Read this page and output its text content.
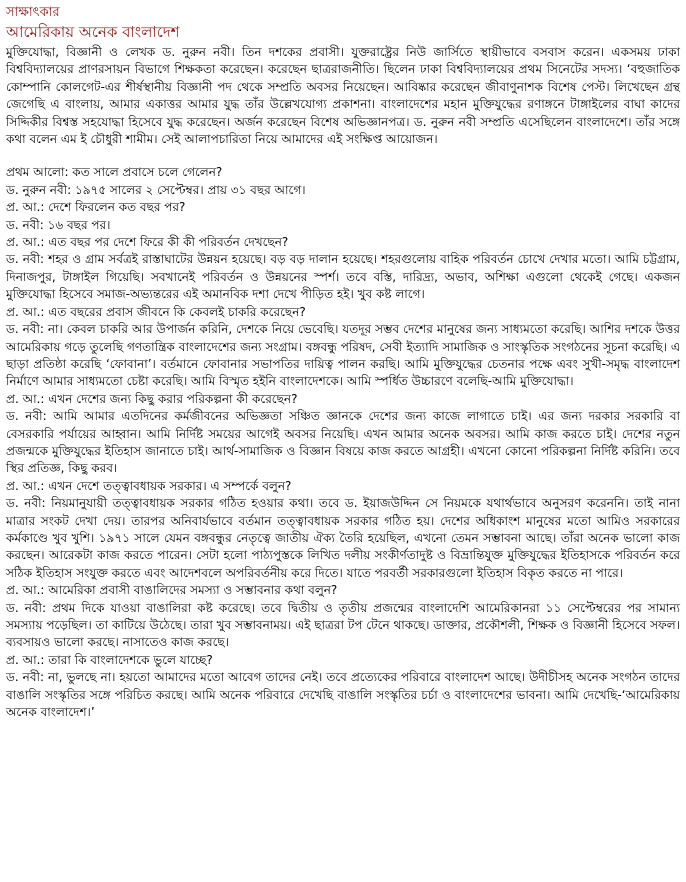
সাক্ষাৎকার

আমেরিকায় অনেক বাংলাদেশ

মুক্তিযোদ্ধা, বিজ্ঞানী ও লেখক ড. নুরুন নবী। তিন দশকের প্রবাসী। যুক্তরাষ্ট্রের নিউ জার্সিতে স্থায়ীভাবে বসবাস করেন। একসময় ঢাকা বিশ্ববিদ্যালয়ের প্রাণরসায়ন বিভাগে শিক্ষকতা করেছেন। করেছেন ছাত্ররাজনীতি। ছিলেন ঢাকা বিশ্ববিদ্যালয়ের প্রথম সিনেটের সদস্য। ‘বহুজাতিক কোম্পানি কোলগেট-এর শীর্ষস্থানীয় বিজ্ঞানী পদ থেকে সম্প্রতি অবসর নিয়েছেন। আবিষ্কার করেছেন জীবাণুনাশক বিশেষ পেস্ট। লিখেছেন গ্রন্থ জেগেছি এ বাংলায়, আমার একাত্তর আমার যুদ্ধ তাঁর উল্লেখযোগ্য প্রকাশনা। বাংলাদেশের মহান মুক্তিযুদ্ধের রণাঙ্গনে টাঙ্গাইলের বাঘা কাদের সিদ্দিকীর বিশ্বস্ত সহযোদ্ধা হিসেবে যুদ্ধ করেছেন। অর্জন করেছেন বিশেষ অভিজ্ঞানপত্র। ড. নুরুন নবী সম্প্রতি এসেছিলেন বাংলাদেশে। তাঁর সঙ্গে কথা বলেন এম ই চৌধুরী শামীম। সেই আলাপচারিতা নিয়ে আমাদের এই সংক্ষিপ্ত আয়োজন।

প্রথম আলো: কত সালে প্রবাসে চলে গেলেন?

ড. নুরুন নবী: ১৯৭৫ সালের ২ সেপ্টেম্বর। প্রায় ৩১ বছর আগে।

প্র. আ.: দেশে ফিরলেন কত বছর পর?

ড. নবী: ১৬ বছর পর।

প্র. আ.: এত বছর পর দেশে ফিরে কী কী পরিবর্তন দেখছেন?

ড. নবী: শহর ও গ্রাম সর্বত্রই রাস্তাঘাটের উন্নয়ন হয়েছে। বড় বড় দালান হয়েছে। শহরগুলোয় বাহিক পরিবর্তন চোখে দেখার মতো। আমি চট্টগ্রাম, দিনাজপুর, টাঙ্গাইল গিয়েছি। সবখানেই পরিবর্তন ও উন্নয়নের স্পর্শ। তবে বস্তি, দারিদ্র্য, অভাব, অশিক্ষা এগুলো থেকেই গেছে। একজন মুক্তিযোদ্ধা হিসেবে সমাজ-অভ্যন্তরের এই অমানবিক দশা দেখে পীড়িত হই। খুব কষ্ট লাগে।

প্র. আ.: এত বছরের প্রবাস জীবনে কি কেবলই চাকরি করেছেন?

ড. নবী: না। কেবল চাকরি আর উপার্জন করিনি, দেশকে নিয়ে ভেবেছি। যতদূর সম্ভব দেশের মানুষের জন্য সাধ্যমতো করেছি। আশির দশকে উত্তর আমেরিকায় গড়ে তুলেছি গণতান্ত্রিক বাংলাদেশের জন্য সংগ্রাম। বঙ্গবন্ধু পরিষদ, সেবী ইত্যাদি সামাজিক ও সাংস্কৃতিক সংগঠনের সূচনা করেছি। এ ছাড়া প্রতিষ্ঠা করেছি ‘ফোবানা’। বর্তমানে ফোবানার সভাপতির দায়িত্ব পালন করছি। আমি মুক্তিযুদ্ধের চেতনার পক্ষে এবং সুখী-সমৃদ্ধ বাংলাদেশ নির্মাণে আমার সাধ্যমতো চেষ্টা করেছি। আমি বিস্মৃত হইনি বাংলাদেশকে। আমি স্পর্ধিত উচ্চারণে বলেছি-আমি মুক্তিযোদ্ধা।

প্র. আ.: এখন দেশের জন্য কিছু করার পরিকল্পনা কী করেছেন?

ড. নবী: আমি আমার এতদিনের কর্মজীবনের অভিজ্ঞতা সঞ্চিত জ্ঞানকে দেশের জন্য কাজে লাগাতে চাই। এর জন্য দরকার সরকারি বা বেসরকারি পর্যায়ের আহ্বান। আমি নির্দিষ্ট সময়ের আগেই অবসর নিয়েছি। এখন আমার অনেক অবসর। আমি কাজ করতে চাই। দেশের নতুন প্রজন্মকে মুক্তিযুদ্ধের ইতিহাস জানাতে চাই। আর্থ-সামাজিক ও বিজ্ঞান বিষয়ে কাজ করতে আগ্রহী। এখনো কোনো পরিকল্পনা নির্দিষ্ট করিনি। তবে স্থির প্রতিজ্ঞ, কিছু করব।

প্র. আ.: এখন দেশে তত্ত্বাবধায়ক সরকার। এ সম্পর্কে বলুন?

ড. নবী: নিয়মানুযায়ী তত্ত্বাবধায়ক সরকার গঠিত হওয়ার কথা। তবে ড. ইয়াজউদ্দিন সে নিয়মকে যথার্থভাবে অনুসরণ করেননি। তাই নানা মাত্রার সংকট দেখা দেয়। তারপর অনিবার্যভাবে বর্তমান তত্ত্বাবধায়ক সরকার গঠিত হয়। দেশের অধিকাংশ মানুষের মতো আমিও সরকারের কর্মকাণ্ডে খুব খুশি। ১৯৭১ সালে যেমন বঙ্গবন্ধুর নেতৃত্বে জাতীয় ঐক্য তৈরি হয়েছিল, এখনো তেমন সম্ভাবনা আছে। তাঁরা অনেক ভালো কাজ করছেন। আরেকটা কাজ করতে পারেন। সেটা হলো পাঠ্যপুস্তকে লিখিত দলীয় সংকীর্ণতাদুষ্ট ও বিভ্রান্তিযুক্ত মুক্তিযুদ্ধের ইতিহাসকে পরিবর্তন করে সঠিক ইতিহাস সংযুক্ত করতে এবং আদেশবলে অপরিবর্তনীয় করে দিতে। যাতে পরবর্তী সরকারগুলো ইতিহাস বিকৃত করতে না পারে।

প্র. আ.: আমেরিকা প্রবাসী বাঙালিদের সমস্যা ও সম্ভাবনার কথা বলুন?

ড. নবী: প্রথম দিকে যাওয়া বাঙালিরা কষ্ট করেছে। তবে দ্বিতীয় ও তৃতীয় প্রজন্মের বাংলাদেশি আমেরিকানরা ১১ সেপ্টেম্বরের পর সামান্য সমস্যায় পড়েছিল। তা কাটিয়ে উঠেছে। তারা খুব সম্ভাবনাময়। এই ছাত্ররা টপ টেনে থাকছে। ডাক্তার, প্রকৌশলী, শিক্ষক ও বিজ্ঞানী হিসেবে সফল। ব্যবসায়ও ভালো করছে। নাসাতেও কাজ করছে।

প্র. আ.: তারা কি বাংলাদেশকে ভুলে যাচ্ছে?

ড. নবী: না, ভুলছে না। হয়তো আমাদের মতো আবেগ তাদের নেই। তবে প্রত্যেকের পরিবারে বাংলাদেশ আছে। উদীচীসহ অনেক সংগঠন তাদের বাঙালি সংস্কৃতির সঙ্গে পরিচিত করছে। আমি অনেক পরিবারে দেখেছি বাঙালি সংস্কৃতির চর্চা ও বাংলাদেশের ভাবনা। আমি দেখেছি-‘আমেরিকায় অনেক বাংলাদেশ।’
